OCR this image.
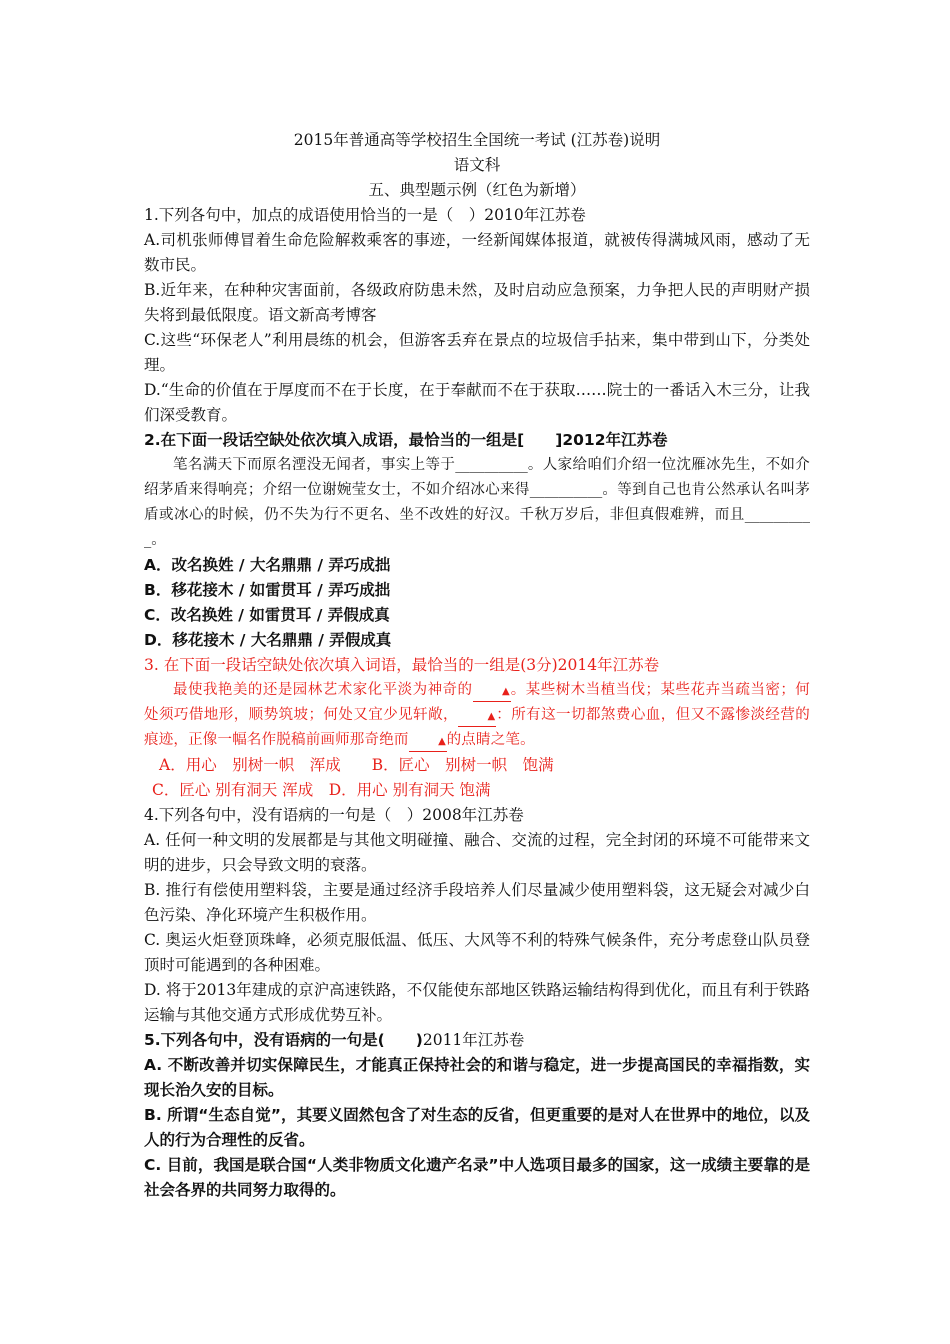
2015年普通高等学校招生全国统一考试 (江苏卷)说明
语文科
五、典型题示例（红色为新增）

1.下列各句中，加点的成语使用恰当的一是（　）2010年江苏卷

A.司机张师傅冒着生命危险解救乘客的事迹，一经新闻媒体报道，就被传得满城风雨，感动了无数市民。

B.近年来，在种种灾害面前，各级政府防患未然，及时启动应急预案，力争把人民的声明财产损失将到最低限度。语文新高考博客

C.这些“环保老人”利用晨练的机会，但游客丢弃在景点的垃圾信手拈来，集中带到山下，分类处理。

D.“生命的价值在于厚度而不在于长度，在于奉献而不在于获取……院士的一番话入木三分，让我们深受教育。

2.在下面一段话空缺处依次填入成语，最恰当的一组是[　　]2012年江苏卷

笔名满天下而原名湮没无闻者，事实上等于__________。人家给咱们介绍一位沈雁冰先生，不如介绍茅盾来得响亮；介绍一位谢婉莹女士，不如介绍冰心来得__________。等到自己也肯公然承认名叫茅盾或冰心的时候，仍不失为行不更名、坐不改姓的好汉。千秋万岁后，非但真假难辨，而且__________。

A．改名换姓 / 大名鼎鼎 / 弄巧成拙

B．移花接木 / 如雷贯耳 / 弄巧成拙

C．改名换姓 / 如雷贯耳 / 弄假成真

D．移花接木 / 大名鼎鼎 / 弄假成真

3. 在下面一段话空缺处依次填入词语，最恰当的一组是(3分)2014年江苏卷

最使我艳美的还是园林艺术家化平淡为神奇的	▲。某些树木当植当伐；某些花卉当疏当密；何处须巧借地形，顺势筑坡；何处又宜少见轩敞，	▲：所有这一切都煞费心血，但又不露惨淡经营的痕迹，正像一幅名作脱稿前画师那奇绝而	▲的点睛之笔。

A．用心　别树一帜　浑成　　B．匠心　别树一帜　饱满

C．匠心 别有洞天 浑成　D．用心 别有洞天 饱满

4.下列各句中，没有语病的一句是（　）2008年江苏卷

A. 任何一种文明的发展都是与其他文明碰撞、融合、交流的过程，完全封闭的环境不可能带来文明的进步，只会导致文明的衰落。

B. 推行有偿使用塑料袋，主要是通过经济手段培养人们尽量减少使用塑料袋，这无疑会对减少白色污染、净化环境产生积极作用。

C. 奥运火炬登顶珠峰，必须克服低温、低压、大风等不利的特殊气候条件，充分考虑登山队员登顶时可能遇到的各种困难。

D. 将于2013年建成的京沪高速铁路，不仅能使东部地区铁路运输结构得到优化，而且有利于铁路运输与其他交通方式形成优势互补。

5.下列各句中，没有语病的一句是(　　)2011年江苏卷

A. 不断改善并切实保障民生，才能真正保持社会的和谐与稳定，进一步提高国民的幸福指数，实现长治久安的目标。

B. 所谓“生态自觉”，其要义固然包含了对生态的反省，但更重要的是对人在世界中的地位，以及人的行为合理性的反省。

C. 目前，我国是联合国“人类非物质文化遗产名录”中人选项目最多的国家，这一成绩主要靠的是社会各界的共同努力取得的。
